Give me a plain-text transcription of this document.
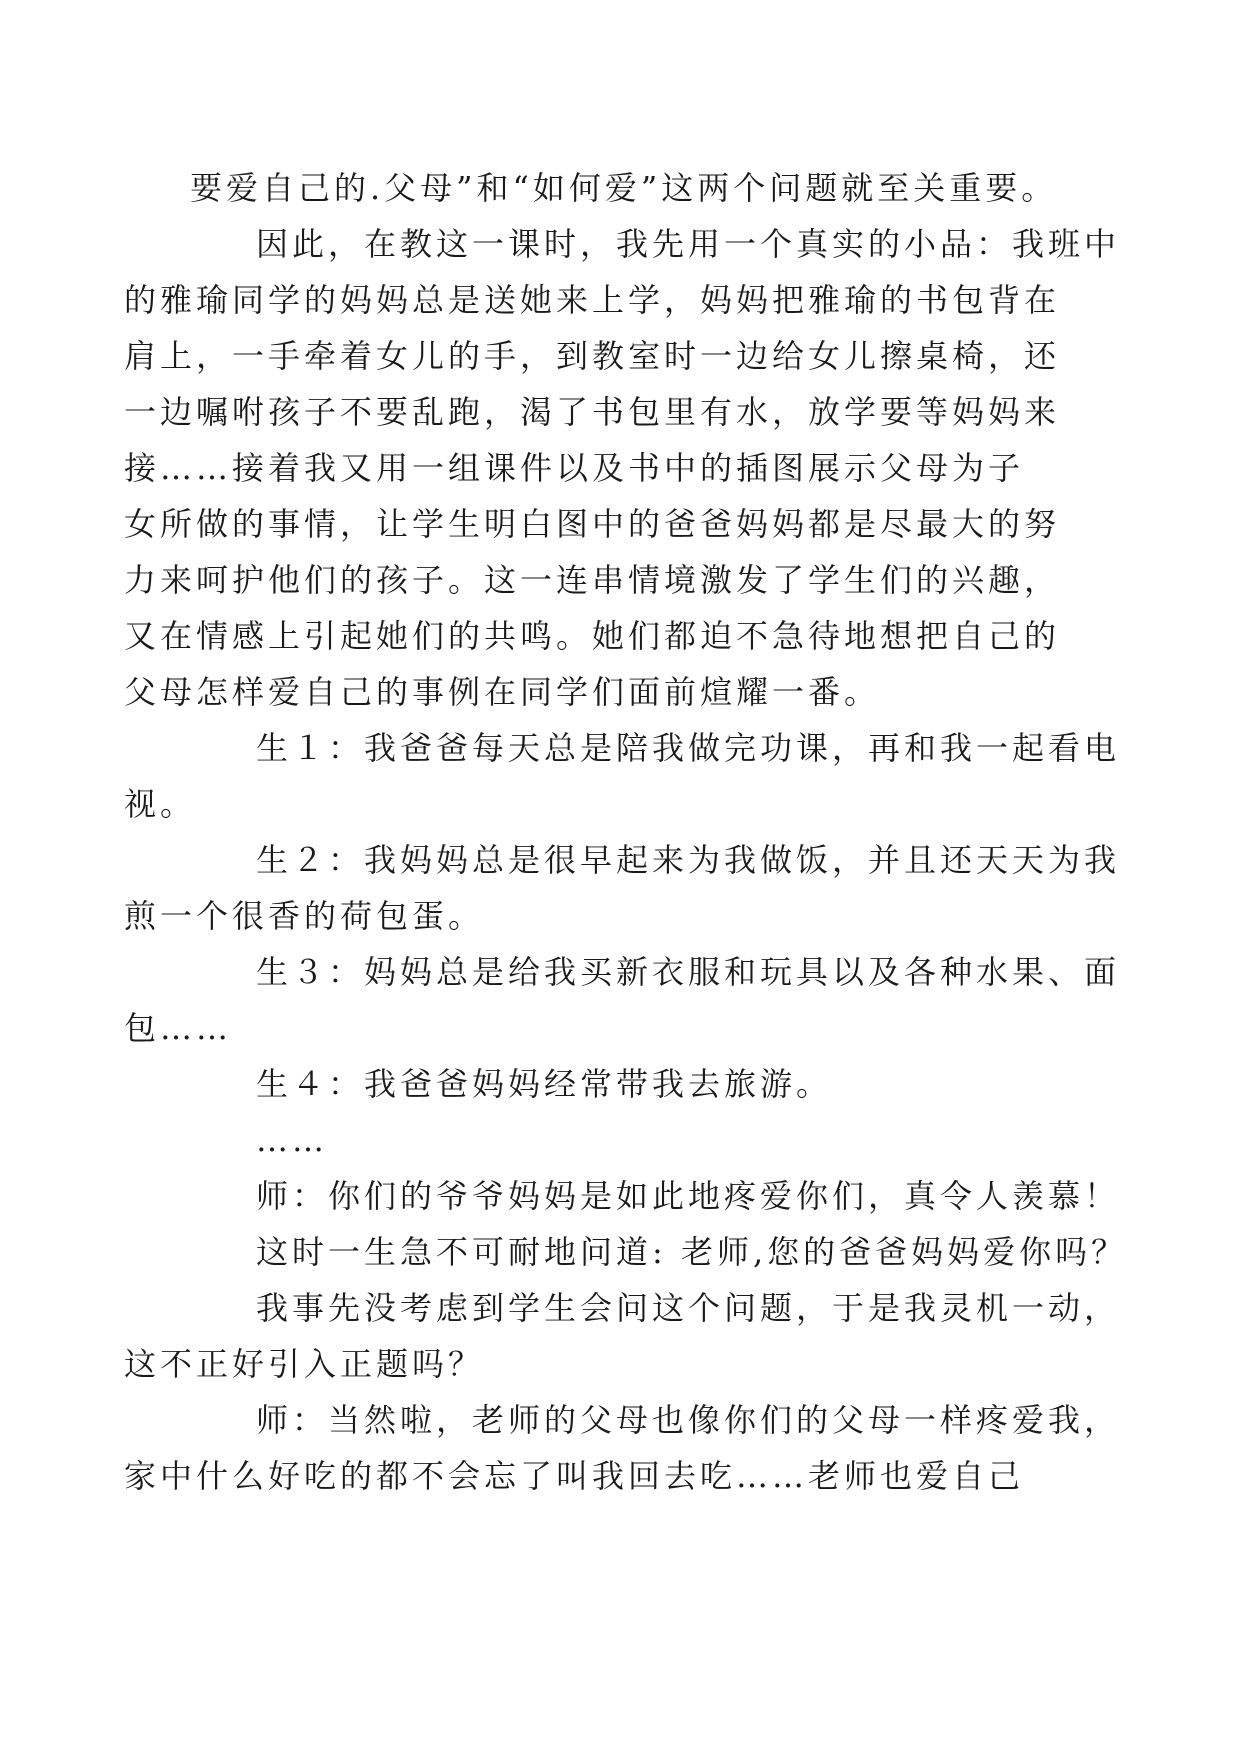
要爱自己的.父母”和“如何爱”这两个问题就至关重要。
因此，在教这一课时，我先用一个真实的小品：我班中
的雅瑜同学的妈妈总是送她来上学，妈妈把雅瑜的书包背在
肩上，一手牵着女儿的手，到教室时一边给女儿擦桌椅，还
一边嘱咐孩子不要乱跑，渴了书包里有水，放学要等妈妈来
接……接着我又用一组课件以及书中的插图展示父母为子
女所做的事情，让学生明白图中的爸爸妈妈都是尽最大的努
力来呵护他们的孩子。这一连串情境激发了学生们的兴趣，
又在情感上引起她们的共鸣。她们都迫不急待地想把自己的
父母怎样爱自己的事例在同学们面前煊耀一番。
生１：我爸爸每天总是陪我做完功课，再和我一起看电
视。
生２：我妈妈总是很早起来为我做饭，并且还天天为我
煎一个很香的荷包蛋。
生３：妈妈总是给我买新衣服和玩具以及各种水果、面
包……
生４：我爸爸妈妈经常带我去旅游。
……
师：你们的爷爷妈妈是如此地疼爱你们，真令人羡慕！
这时一生急不可耐地问道: 老师,您的爸爸妈妈爱你吗？
我事先没考虑到学生会问这个问题，于是我灵机一动，
这不正好引入正题吗？
师：当然啦，老师的父母也像你们的父母一样疼爱我，
家中什么好吃的都不会忘了叫我回去吃……老师也爱自己
